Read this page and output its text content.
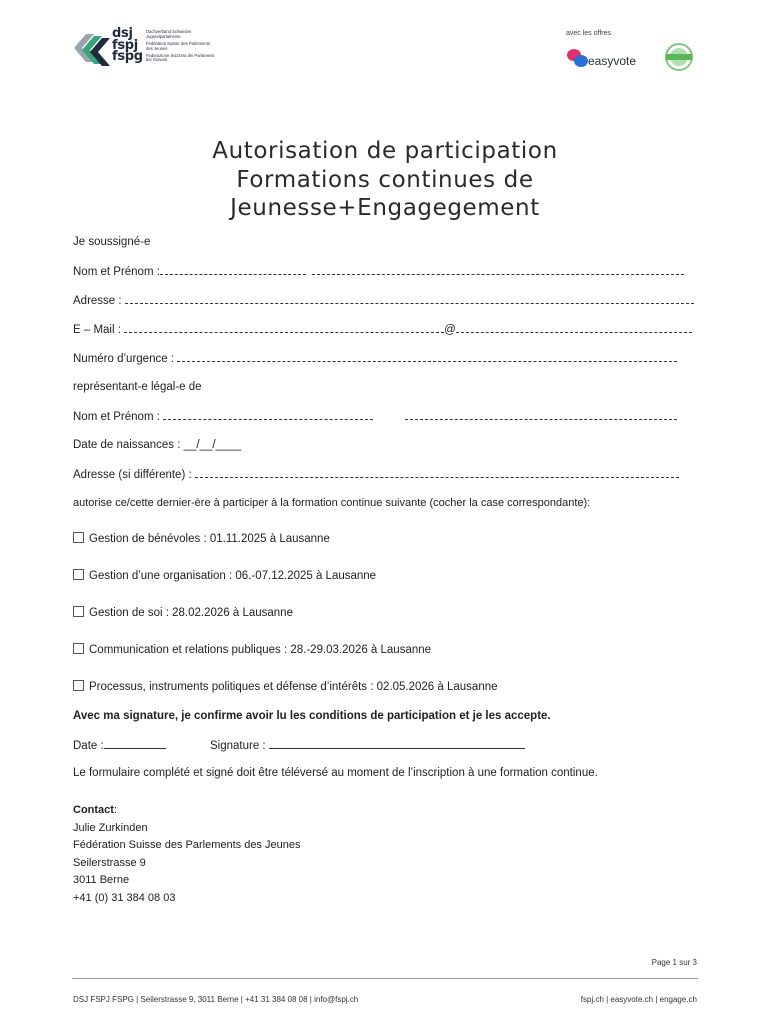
dsj
fspj
fspg
Dachverband Schweizer Jugendparlamente
Fédération Suisse des Parlements des Jeunes
Federazione Svizzera dei Parlamenti dei Giovani
avec les offres
easyvote
Autorisation de participation
Formations continues de
Jeunesse+Engagegement
Je soussigné-e
Nom et Prénom :
Adresse :
E – Mail :	@
Numéro d’urgence :
représentant-e légal-e de
Nom et Prénom :
Date de naissances : __/__/____
Adresse (si différente) :
autorise ce/cette dernier-ère à participer à la formation continue suivante (cocher la case correspondante):
Gestion de bénévoles : 01.11.2025 à Lausanne
Gestion d’une organisation : 06.-07.12.2025 à Lausanne
Gestion de soi : 28.02.2026 à Lausanne
Communication et relations publiques : 28.-29.03.2026 à Lausanne
Processus, instruments politiques et défense d’intérêts : 02.05.2026 à Lausanne
Avec ma signature, je confirme avoir lu les conditions de participation et je les accepte.
Date :	Signature :
Le formulaire complété et signé doit être téléversé au moment de l’inscription à une formation continue.
Contact:
Julie Zurkinden
Fédération Suisse des Parlements des Jeunes
Seilerstrasse 9
3011 Berne
+41 (0) 31 384 08 03
Page 1 sur 3
DSJ FSPJ FSPG | Seilerstrasse 9, 3011 Berne | +41 31 384 08 08 | info@fspj.ch	fspj.ch | easyvote.ch | engage.ch
